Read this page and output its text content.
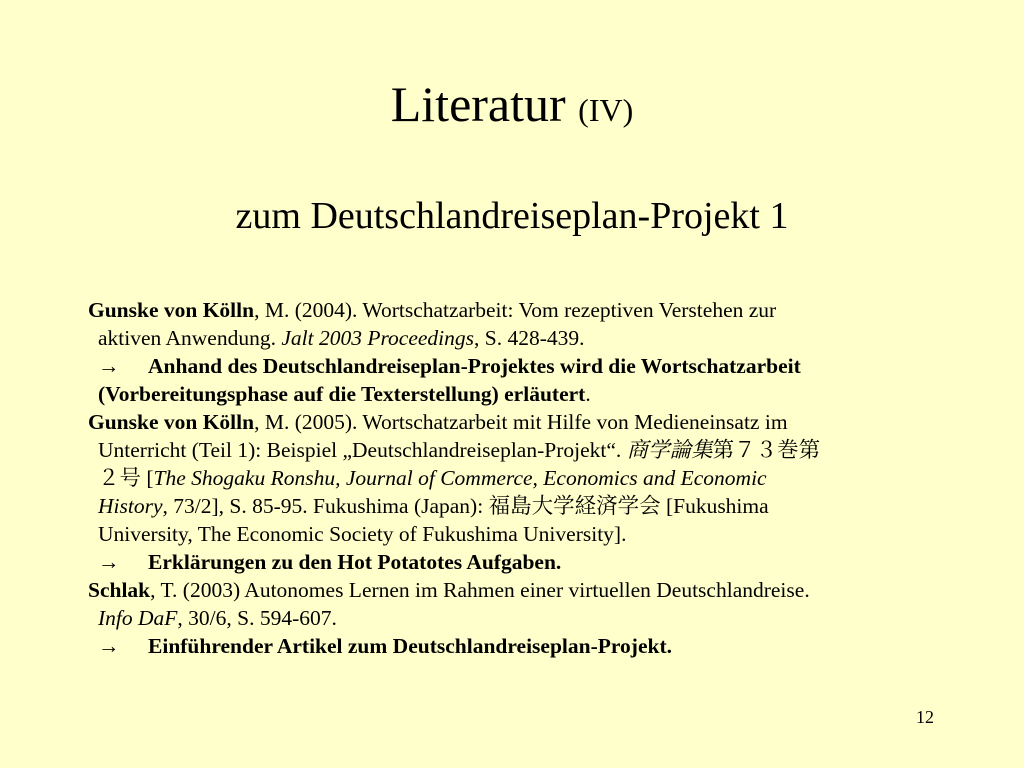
Literatur (IV)
zum Deutschlandreiseplan-Projekt 1
Gunske von Kölln, M. (2004). Wortschatzarbeit: Vom rezeptiven Verstehen zur
aktiven Anwendung. Jalt 2003 Proceedings, S. 428-439.
→ Anhand des Deutschlandreiseplan-Projektes wird die Wortschatzarbeit
(Vorbereitungsphase auf die Texterstellung) erläutert.
Gunske von Kölln, M. (2005). Wortschatzarbeit mit Hilfe von Medieneinsatz im
Unterricht (Teil 1): Beispiel „Deutschlandreiseplan-Projekt“. 商学論集第７３巻第
２号 [The Shogaku Ronshu, Journal of Commerce, Economics and Economic
History, 73/2], S. 85-95. Fukushima (Japan): 福島大学経済学会 [Fukushima
University, The Economic Society of Fukushima University].
→ Erklärungen zu den Hot Potatotes Aufgaben.
Schlak, T. (2003) Autonomes Lernen im Rahmen einer virtuellen Deutschlandreise.
Info DaF, 30/6, S. 594-607.
→ Einführender Artikel zum Deutschlandreiseplan-Projekt.
12
